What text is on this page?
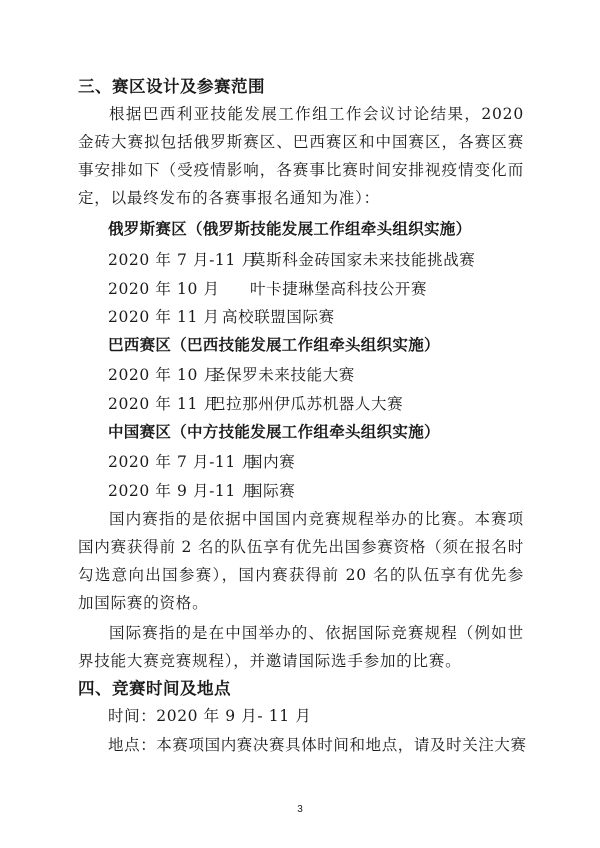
三、赛区设计及参赛范围
根据巴西利亚技能发展工作组工作会议讨论结果，2020金砖大赛拟包括俄罗斯赛区、巴西赛区和中国赛区，各赛区赛事安排如下（受疫情影响，各赛事比赛时间安排视疫情变化而定，以最终发布的各赛事报名通知为准）：
俄罗斯赛区（俄罗斯技能发展工作组牵头组织实施）
2020 年 7 月-11 月
莫斯科金砖国家未来技能挑战赛
2020 年 10 月 叶卡捷琳堡高科技公开赛
2020 年 11 月 高校联盟国际赛
巴西赛区（巴西技能发展工作组牵头组织实施）
2020 年 10 月
圣保罗未来技能大赛
2020 年 11 月
巴拉那州伊瓜苏机器人大赛
中国赛区（中方技能发展工作组牵头组织实施）
2020 年 7 月-11 月
国内赛
2020 年 9 月-11 月
国际赛
国内赛指的是依据中国国内竞赛规程举办的比赛。本赛项国内赛获得前 2 名的队伍享有优先出国参赛资格（须在报名时勾选意向出国参赛），国内赛获得前 20 名的队伍享有优先参加国际赛的资格。
国际赛指的是在中国举办的、依据国际竞赛规程（例如世界技能大赛竞赛规程），并邀请国际选手参加的比赛。
四、竞赛时间及地点
时间：2020 年 9 月- 11 月
地点：本赛项国内赛决赛具体时间和地点，请及时关注大赛
3
